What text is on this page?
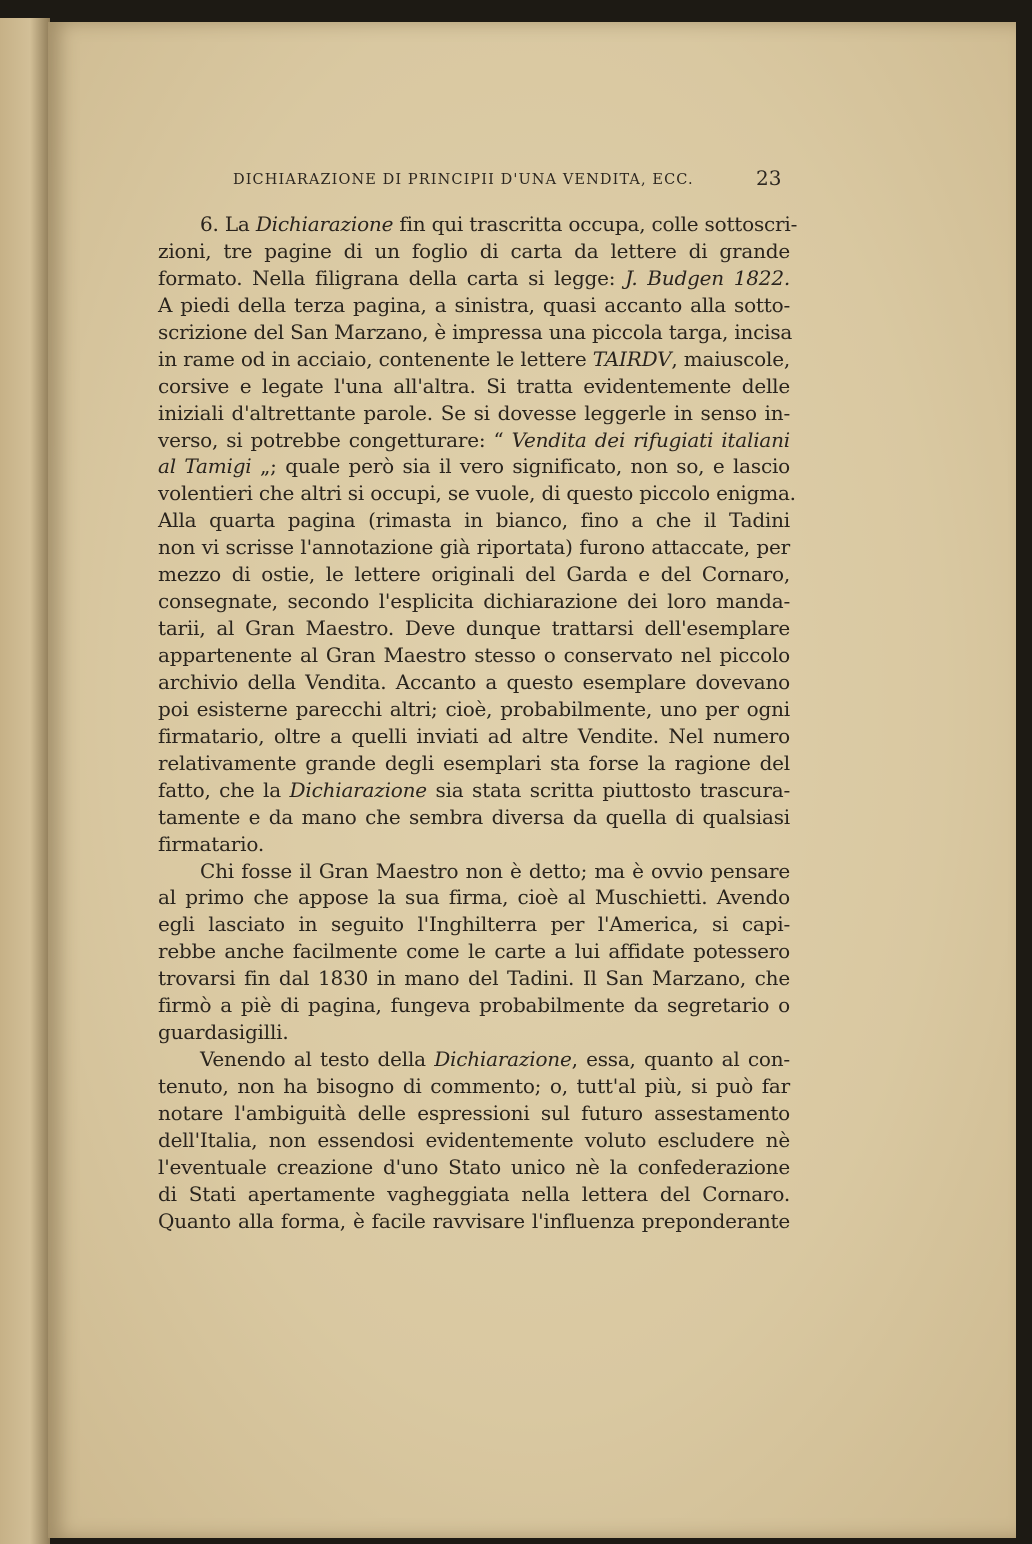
DICHIARAZIONE DI PRINCIPII D'UNA VENDITA, ECC.	23
6. La Dichiarazione fin qui trascritta occupa, colle sottoscri-
zioni, tre pagine di un foglio di carta da lettere di grande
formato. Nella filigrana della carta si legge: J. Budgen 1822.
A piedi della terza pagina, a sinistra, quasi accanto alla sotto-
scrizione del San Marzano, è impressa una piccola targa, incisa
in rame od in acciaio, contenente le lettere TAIRDV, maiuscole,
corsive e legate l'una all'altra. Si tratta evidentemente delle
iniziali d'altrettante parole. Se si dovesse leggerle in senso in-
verso, si potrebbe congetturare: “ Vendita dei rifugiati italiani
al Tamigi „; quale però sia il vero significato, non so, e lascio
volentieri che altri si occupi, se vuole, di questo piccolo enigma.
Alla quarta pagina (rimasta in bianco, fino a che il Tadini
non vi scrisse l'annotazione già riportata) furono attaccate, per
mezzo di ostie, le lettere originali del Garda e del Cornaro,
consegnate, secondo l'esplicita dichiarazione dei loro manda-
tarii, al Gran Maestro. Deve dunque trattarsi dell'esemplare
appartenente al Gran Maestro stesso o conservato nel piccolo
archivio della Vendita. Accanto a questo esemplare dovevano
poi esisterne parecchi altri; cioè, probabilmente, uno per ogni
firmatario, oltre a quelli inviati ad altre Vendite. Nel numero
relativamente grande degli esemplari sta forse la ragione del
fatto, che la Dichiarazione sia stata scritta piuttosto trascura-
tamente e da mano che sembra diversa da quella di qualsiasi
firmatario.
Chi fosse il Gran Maestro non è detto; ma è ovvio pensare
al primo che appose la sua firma, cioè al Muschietti. Avendo
egli lasciato in seguito l'Inghilterra per l'America, si capi-
rebbe anche facilmente come le carte a lui affidate potessero
trovarsi fin dal 1830 in mano del Tadini. Il San Marzano, che
firmò a piè di pagina, fungeva probabilmente da segretario o
guardasigilli.
Venendo al testo della Dichiarazione, essa, quanto al con-
tenuto, non ha bisogno di commento; o, tutt'al più, si può far
notare l'ambiguità delle espressioni sul futuro assestamento
dell'Italia, non essendosi evidentemente voluto escludere nè
l'eventuale creazione d'uno Stato unico nè la confederazione
di Stati apertamente vagheggiata nella lettera del Cornaro.
Quanto alla forma, è facile ravvisare l'influenza preponderante
